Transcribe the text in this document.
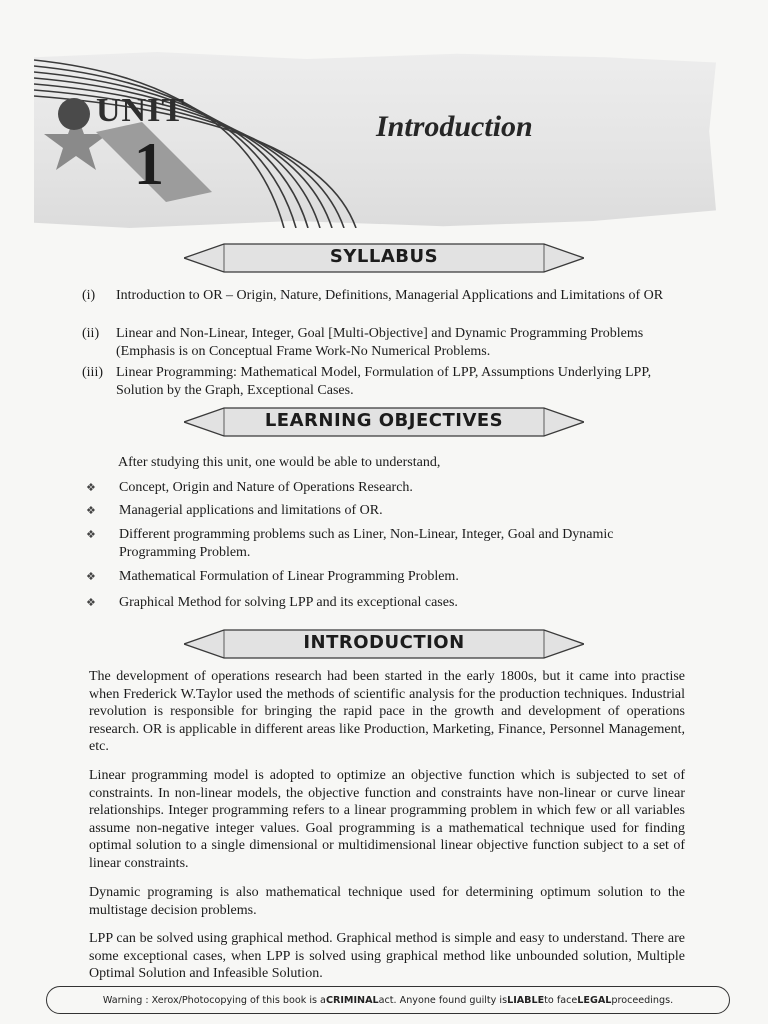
UNIT
1
Introduction
SYLLABUS
(i)	Introduction to OR – Origin, Nature, Definitions, Managerial Applications and Limitations of OR
(ii)	Linear and Non-Linear, Integer, Goal [Multi-Objective] and Dynamic Programming Problems (Emphasis is on Conceptual Frame Work-No Numerical Problems.
(iii) Linear Programming: Mathematical Model, Formulation of LPP, Assumptions Underlying LPP, Solution by the Graph, Exceptional Cases.
LEARNING OBJECTIVES
After studying this unit, one would be able to understand,
❖ Concept, Origin and Nature of Operations Research.
❖ Managerial applications and limitations of OR.
❖ Different programming problems such as Liner, Non-Linear, Integer, Goal and Dynamic Programming Problem.
❖ Mathematical Formulation of Linear Programming Problem.
❖ Graphical Method for solving LPP and its exceptional cases.
INTRODUCTION
The development of operations research had been started in the early 1800s, but it came into practise when Frederick W.Taylor used the methods of scientific analysis for the production techniques. Industrial revolution is responsible for bringing the rapid pace in the growth and development of operations research. OR is applicable in different areas like Production, Marketing, Finance, Personnel Management, etc.
Linear programming model is adopted to optimize an objective function which is subjected to set of constraints. In non-linear models, the objective function and constraints have non-linear or curve linear relationships. Integer programming refers to a linear programming problem in which few or all variables assume non-negative integer values. Goal programming is a mathematical technique used for finding optimal solution to a single dimensional or multidimensional linear objective function subject to a set of linear constraints.
Dynamic programing is also mathematical technique used for determining optimum solution to the multistage decision problems.
LPP can be solved using graphical method. Graphical method is simple and easy to understand. There are some exceptional cases, when LPP is solved using graphical method like unbounded solution, Multiple Optimal Solution and Infeasible Solution.
Warning : Xerox/Photocopying of this book is a CRIMINAL act. Anyone found guilty is LIABLE to face LEGAL proceedings.
